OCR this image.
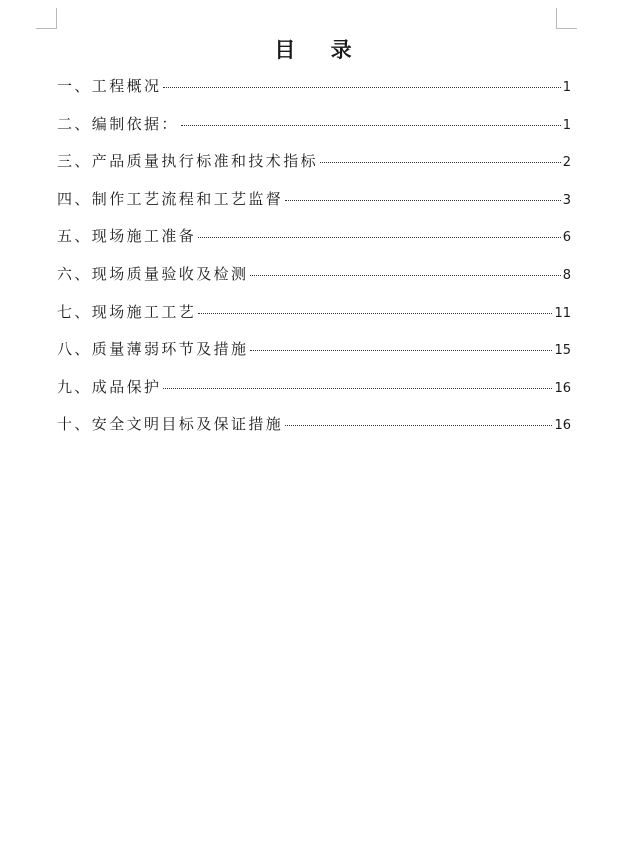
目 录
一、工程概况	1
二、编制依据：	1
三、产品质量执行标准和技术指标	2
四、制作工艺流程和工艺监督	3
五、现场施工准备	6
六、现场质量验收及检测	8
七、现场施工工艺	11
八、质量薄弱环节及措施	15
九、成品保护	16
十、安全文明目标及保证措施	16
